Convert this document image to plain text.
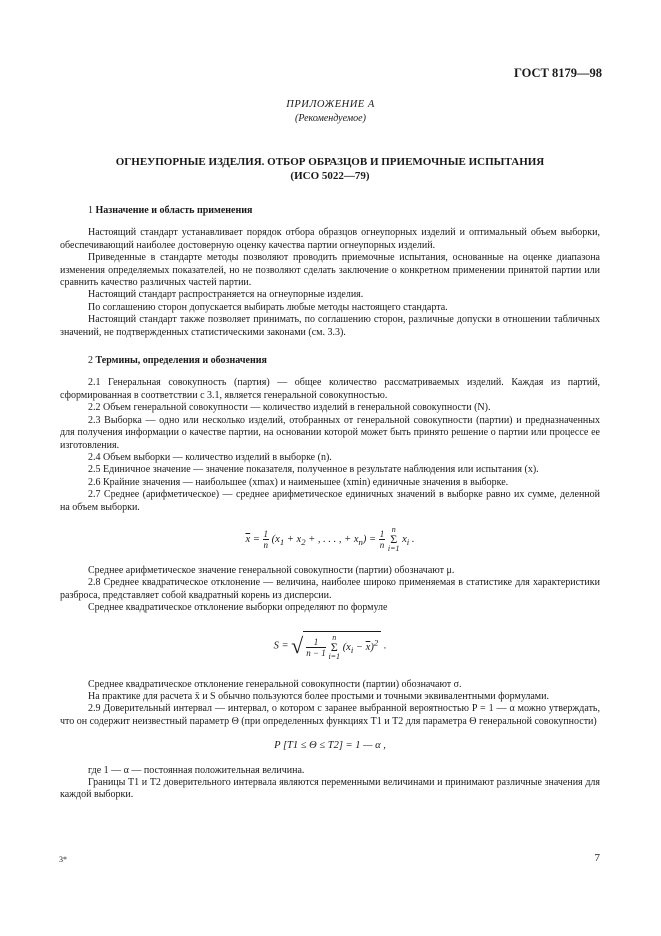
ГОСТ 8179—98
ПРИЛОЖЕНИЕ А
(Рекомендуемое)
ОГНЕУПОРНЫЕ ИЗДЕЛИЯ. ОТБОР ОБРАЗЦОВ И ПРИЕМОЧНЫЕ ИСПЫТАНИЯ
(ИСО 5022—79)

1 Назначение и область применения

Настоящий стандарт устанавливает порядок отбора образцов огнеупорных изделий и оптимальный объем выборки, обеспечивающий наиболее достоверную оценку качества партии огнеупорных изделий.

Приведенные в стандарте методы позволяют проводить приемочные испытания, основанные на оценке диапазона изменения определяемых показателей, но не позволяют сделать заключение о конкретном применении принятой партии или сравнить качество различных частей партии.

Настоящий стандарт распространяется на огнеупорные изделия.

По соглашению сторон допускается выбирать любые методы настоящего стандарта.

Настоящий стандарт также позволяет принимать, по соглашению сторон, различные допуски в отношении табличных значений, не подтвержденных статистическими законами (см. 3.3).

2 Термины, определения и обозначения

2.1 Генеральная совокупность (партия) — общее количество рассматриваемых изделий. Каждая из партий, сформированная в соответствии с 3.1, является генеральной совокупностью.

2.2 Объем генеральной совокупности — количество изделий в генеральной совокупности (N).

2.3 Выборка — одно или несколько изделий, отобранных от генеральной совокупности (партии) и предназначенных для получения информации о качестве партии, на основании которой может быть принято решение о партии или процессе ее изготовления.

2.4 Объем выборки — количество изделий в выборке (n).

2.5 Единичное значение — значение показателя, полученное в результате наблюдения или испытания (x).

2.6 Крайние значения — наибольшее (xmax) и наименьшее (xmin) единичные значения в выборке.

2.7 Среднее (арифметическое) — среднее арифметическое единичных значений в выборке равно их сумме, деленной на объем выборки.

$\overline{x} = \frac{1}{n} (x_1 + x_2$ + , . . . , + $x_n) = \frac{1}{n}$ n
Σ
i=1 $x_i$ .

Среднее арифметическое значение генеральной совокупности (партии) обозначают μ.

2.8 Среднее квадратическое отклонение — величина, наиболее широко применяемая в статистике для характеристики разброса, представляет собой квадратный корень из дисперсии.

Среднее квадратическое отклонение выборки определяют по формуле

S = √ $\frac{1}{n - 1}$ n
Σ
i=1 $(x_i - \overline{x})^2$ .

Среднее квадратическое отклонение генеральной совокупности (партии) обозначают σ.

На практике для расчета x̄ и S обычно пользуются более простыми и точными эквивалентными формулами.

2.9 Доверительный интервал — интервал, о котором с заранее выбранной вероятностью P = 1 — α можно утверждать, что он содержит неизвестный параметр Θ (при определенных функциях T1 и T2 для параметра Θ генеральной совокупности)

P [T1 ≤ Θ ≤ T2] = 1 — α ,

где 1 — α — постоянная положительная величина.

Границы T1 и T2 доверительного интервала являются переменными величинами и принимают различные значения для каждой выборки.

3*	7
